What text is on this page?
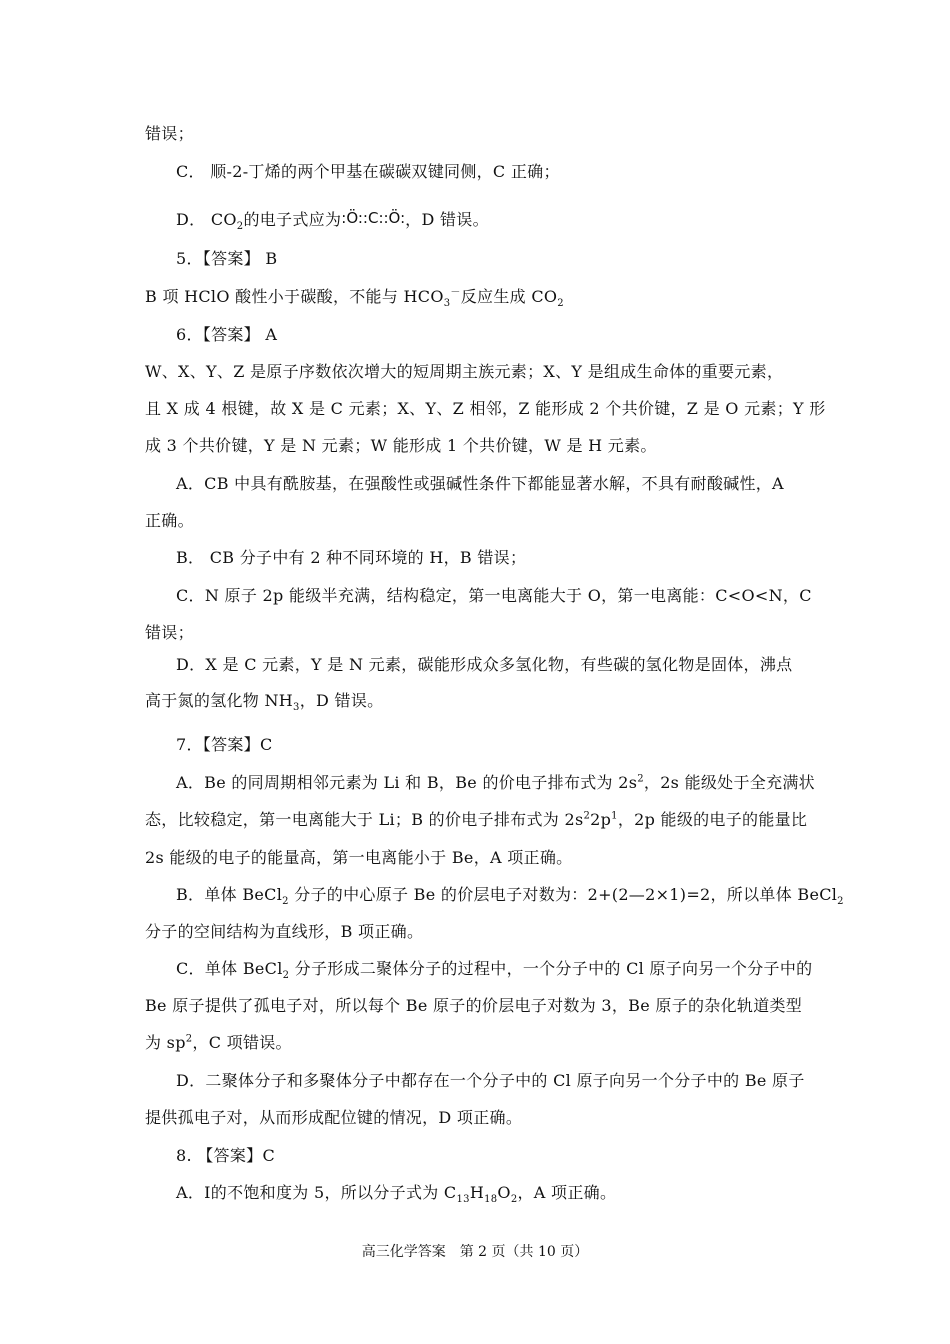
错误；
C． 顺-2-丁烯的两个甲基在碳碳双键同侧，C 正确；
D． $CO_2$的电子式应为:Ö::C::Ö:，D 错误。
5．【答案】 B
B 项 HClO 酸性小于碳酸，不能与 $HCO_3^-$反应生成 $CO_2$
6．【答案】 A
W、X、Y、Z 是原子序数依次增大的短周期主族元素；X、Y 是组成生命体的重要元素，
且 X 成 4 根键，故 X 是 C 元素；X、Y、Z 相邻，Z 能形成 2 个共价键，Z 是 O 元素；Y 形
成 3 个共价键，Y 是 N 元素；W 能形成 1 个共价键，W 是 H 元素。
A．CB 中具有酰胺基，在强酸性或强碱性条件下都能显著水解，不具有耐酸碱性，A
正确。
B． CB 分子中有 2 种不同环境的 H，B 错误；
C．N 原子 2p 能级半充满，结构稳定，第一电离能大于 O，第一电离能：C<O<N，C
错误；
D．X 是 C 元素，Y 是 N 元素，碳能形成众多氢化物，有些碳的氢化物是固体，沸点
高于氮的氢化物 $NH_3$，D 错误。
7．【答案】C
A．Be 的同周期相邻元素为 Li 和 B，Be 的价电子排布式为 $2s^2$，2s 能级处于全充满状
态，比较稳定，第一电离能大于 Li；B 的价电子排布式为 $2s^22p^1$，2p 能级的电子的能量比
2s 能级的电子的能量高，第一电离能小于 Be，A 项正确。
B．单体 BeCl$_2$ 分子的中心原子 Be 的价层电子对数为：2+(2—2×1)=2，所以单体 BeCl$_2$
分子的空间结构为直线形，B 项正确。
C．单体 BeCl$_2$ 分子形成二聚体分子的过程中，一个分子中的 Cl 原子向另一个分子中的
Be 原子提供了孤电子对，所以每个 Be 原子的价层电子对数为 3，Be 原子的杂化轨道类型
为 $sp^2$，C 项错误。
D．二聚体分子和多聚体分子中都存在一个分子中的 Cl 原子向另一个分子中的 Be 原子
提供孤电子对，从而形成配位键的情况，D 项正确。
8. 【答案】C
A．I的不饱和度为 5，所以分子式为 $C_{13}H_{18}O_2$，A 项正确。
高三化学答案　第 2 页（共 10 页）
